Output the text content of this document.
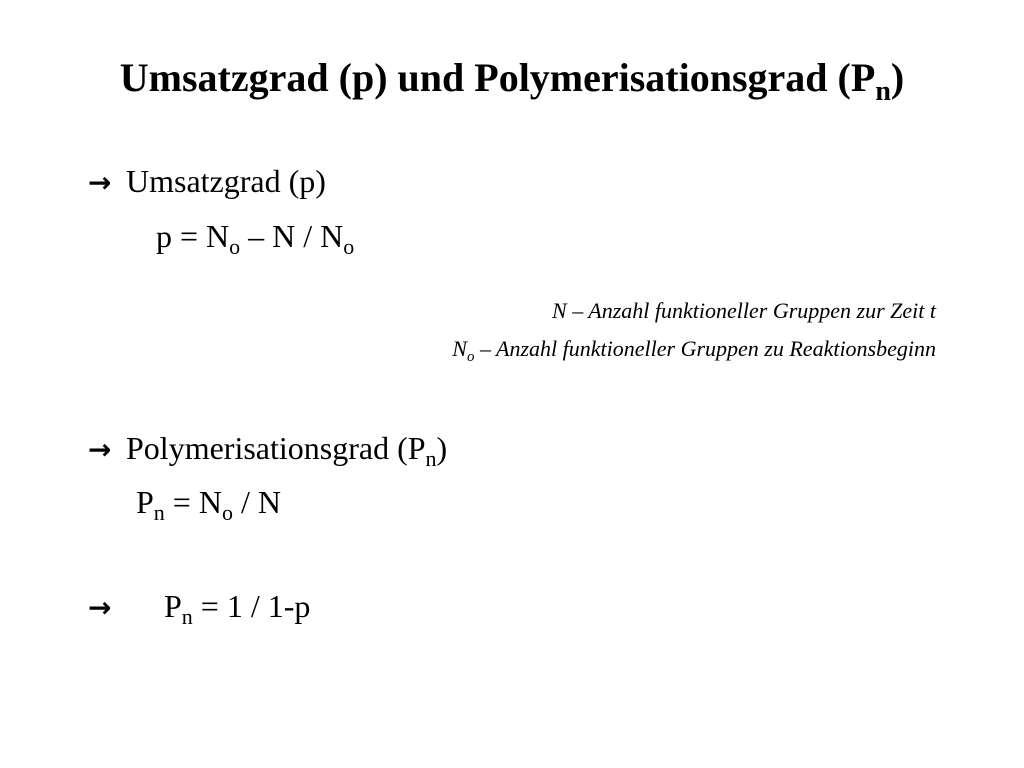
Umsatzgrad (p) und Polymerisationsgrad $(P_n)$
→ Umsatzgrad (p)
$p = N_o - N / N_o$
N – Anzahl funktioneller Gruppen zur Zeit t
$N_o$ – Anzahl funktioneller Gruppen zu Reaktionsbeginn
→ Polymerisationsgrad $(P_n)$
$P_n = N_o / N$
→ $P_n = 1 / 1-p$
